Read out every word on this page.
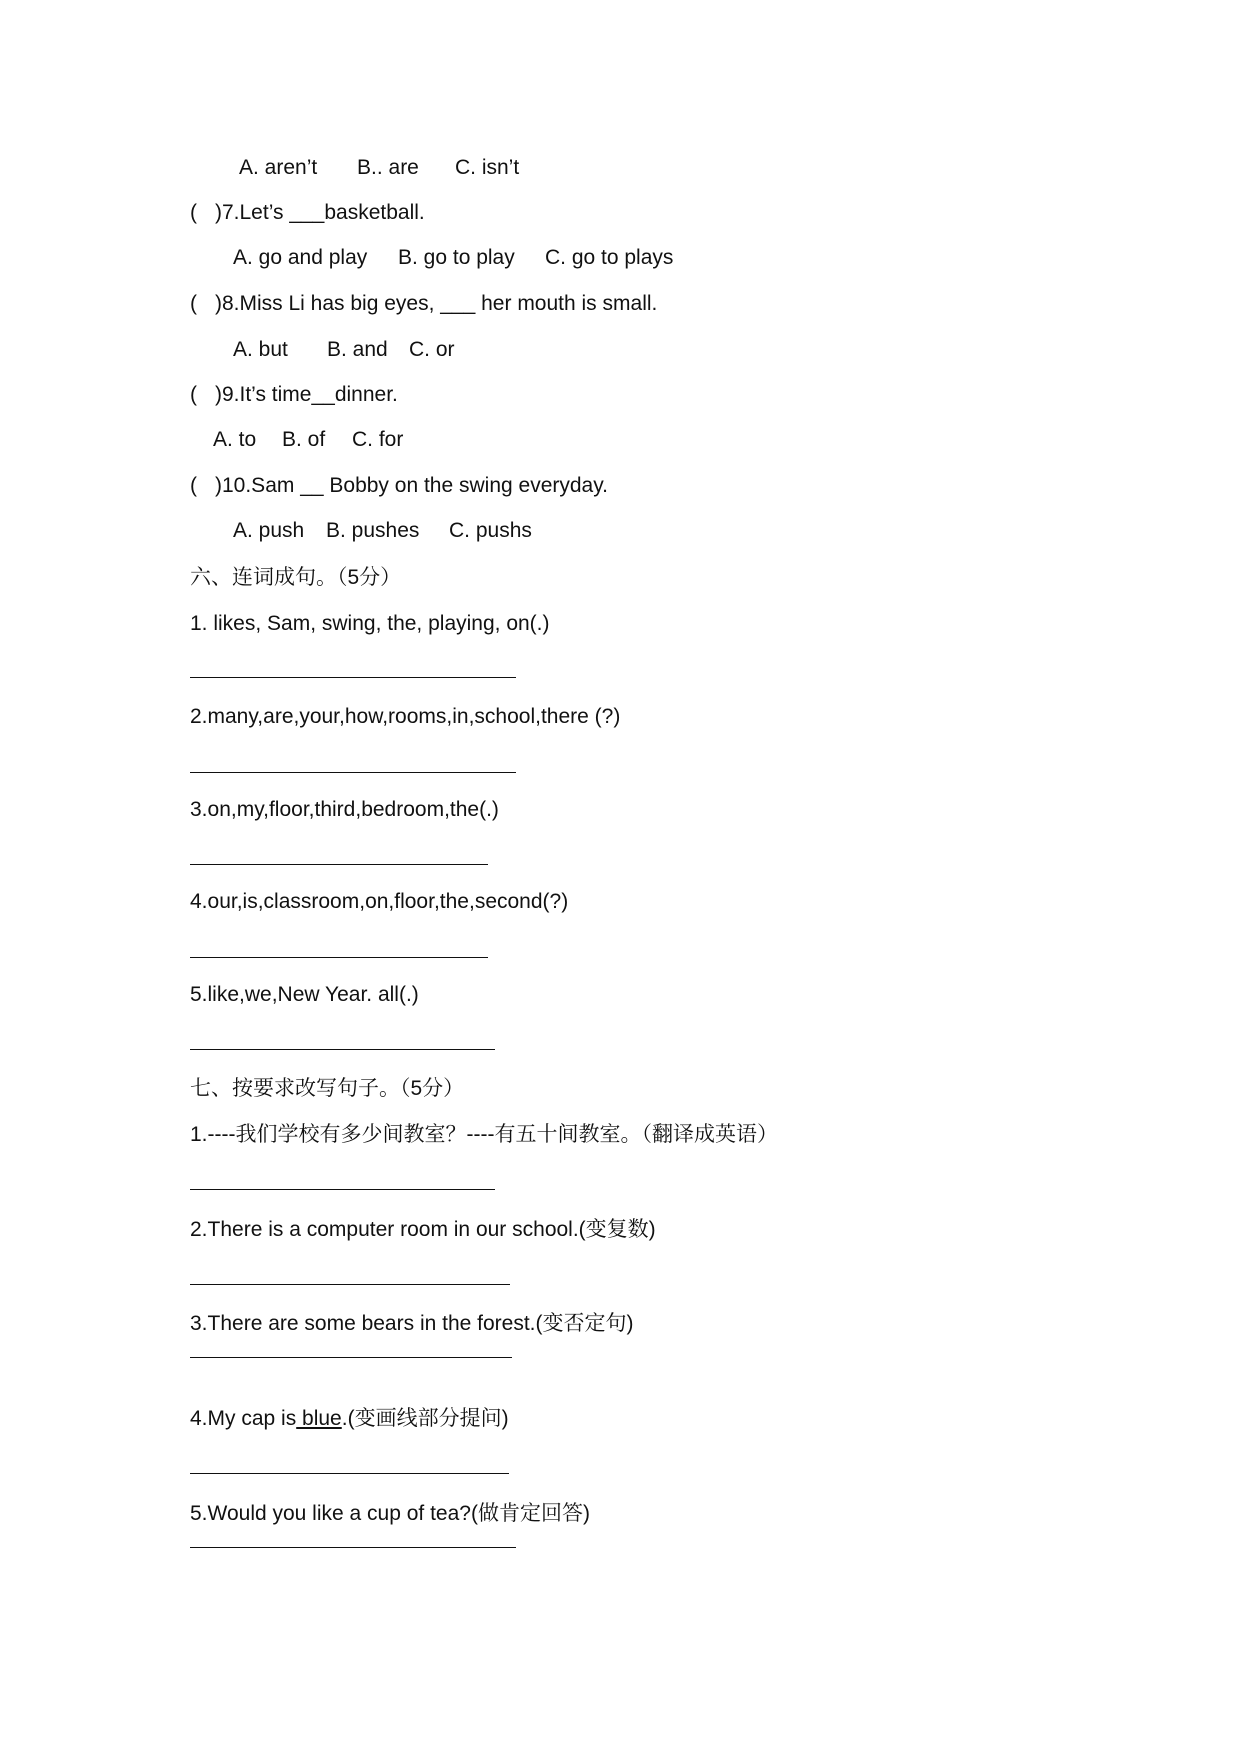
A. aren’t B.. are C. isn’t
( )7.Let’s ___basketball.
A. go and play B. go to play C. go to plays
( )8.Miss Li has big eyes, ___ her mouth is small.
A. but B. and C. or
( )9.It’s time__dinner.
A. to B. of C. for
( )10.Sam __ Bobby on the swing everyday.
A. push B. pushes C. pushs
六、连词成句。（5分）
1. likes, Sam, swing, the, playing, on(.)
2.many,are,your,how,rooms,in,school,there (?)
3.on,my,floor,third,bedroom,the(.)
4.our,is,classroom,on,floor,the,second(?)
5.like,we,New Year. all(.)
七、按要求改写句子。（5分）
1.----我们学校有多少间教室？----有五十间教室。（翻译成英语）
2.There is a computer room in our school.(变复数)
3.There are some bears in the forest.(变否定句)
4.My cap is blue.(变画线部分提问)
5.Would you like a cup of tea?(做肯定回答)
